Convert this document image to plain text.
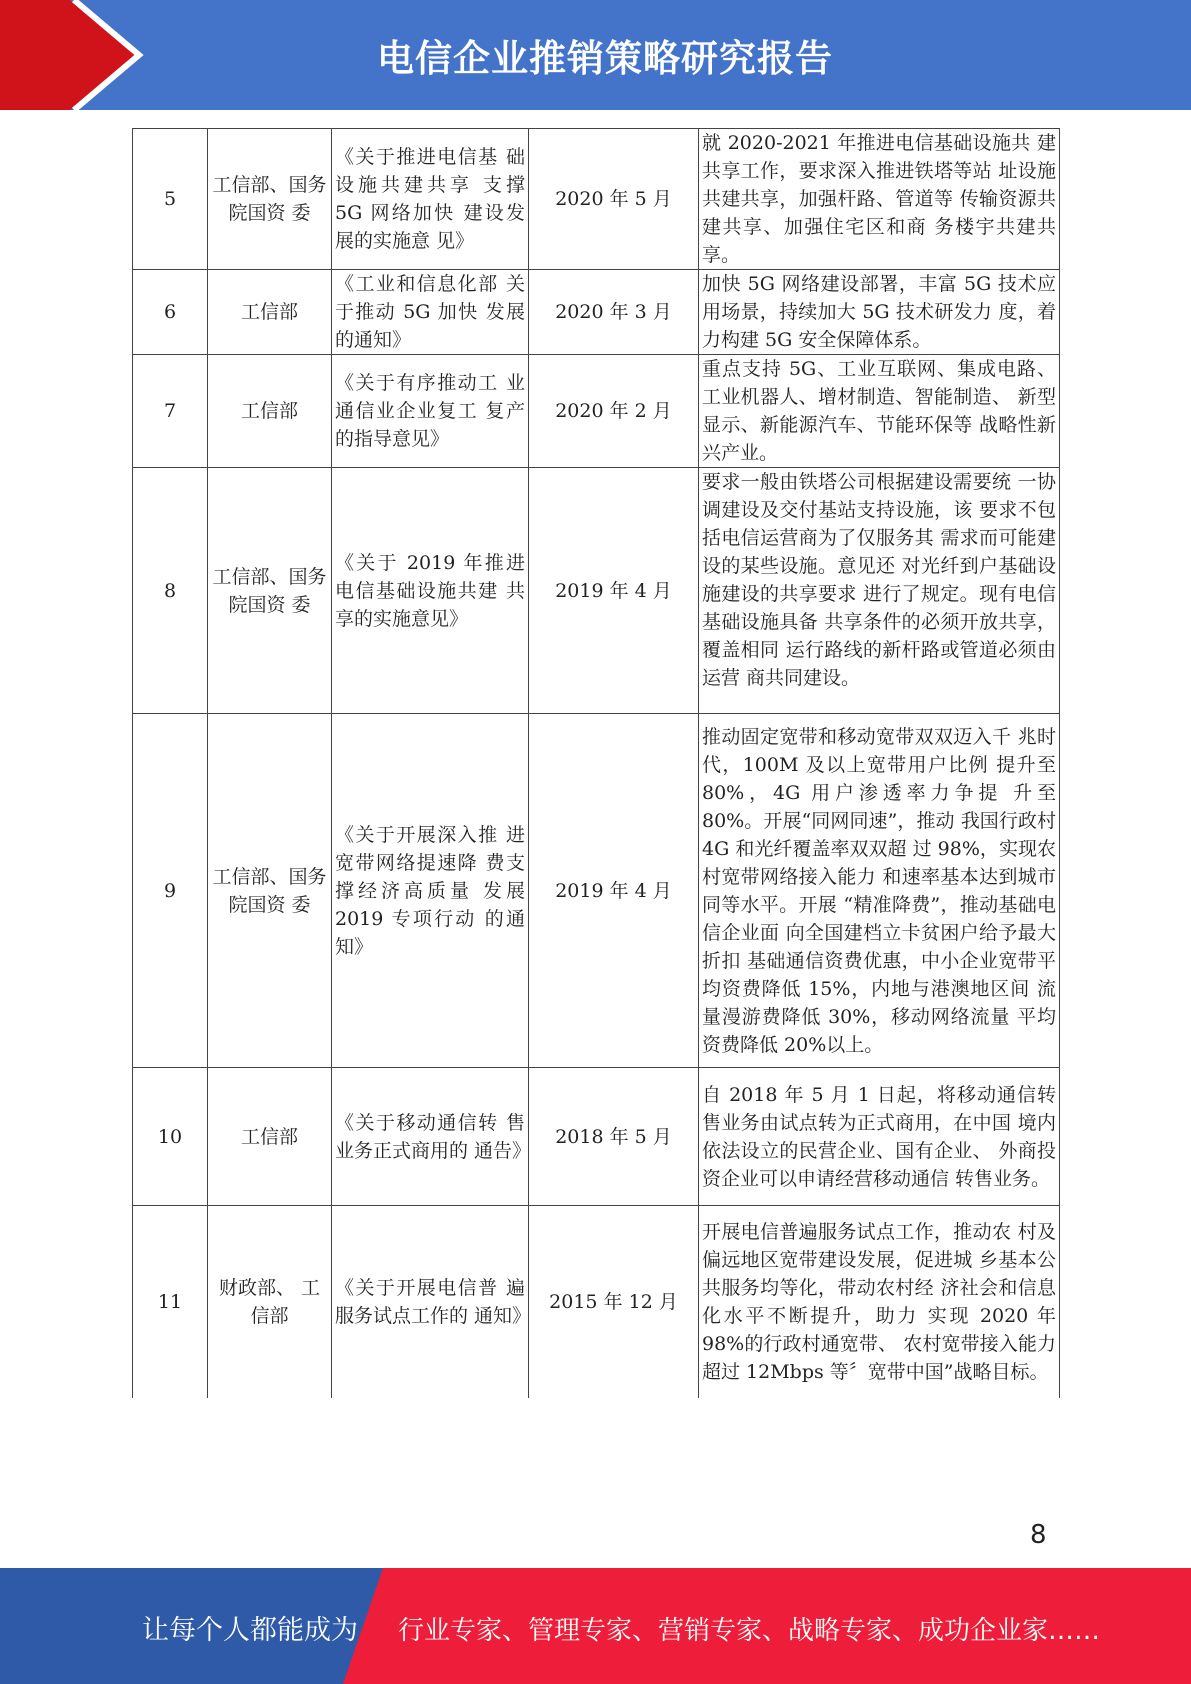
电信企业推销策略研究报告
5	工信部、国务院国资 委	《关于推进电信基 础设施共建共享 支撑 5G 网络加快 建设发展的实施意 见》	2020 年 5 月	就 2020-2021 年推进电信基础设施共 建共享工作，要求深入推进铁塔等站 址设施共建共享，加强杆路、管道等 传输资源共建共享、加强住宅区和商 务楼宇共建共享。
6	工信部	《工业和信息化部 关于推动 5G 加快 发展的通知》	2020 年 3 月	加快 5G 网络建设部署，丰富 5G 技术应用场景，持续加大 5G 技术研发力 度，着力构建 5G 安全保障体系。
7	工信部	《关于有序推动工 业通信业企业复工 复产的指导意见》	2020 年 2 月	重点支持 5G、工业互联网、集成电路、工业机器人、增材制造、智能制造、 新型显示、新能源汽车、节能环保等 战略性新兴产业。
8	工信部、国务院国资 委	《关于 2019 年推进电信基础设施共建 共享的实施意见》	2019 年 4 月	要求一般由铁塔公司根据建设需要统 一协调建设及交付基站支持设施，该 要求不包括电信运营商为了仅服务其 需求而可能建设的某些设施。意见还 对光纤到户基础设施建设的共享要求 进行了规定。现有电信基础设施具备 共享条件的必须开放共享，覆盖相同 运行路线的新杆路或管道必须由运营 商共同建设。
9	工信部、国务院国资 委	《关于开展深入推 进宽带网络提速降 费支撑经济高质量 发展 2019 专项行动 的通知》	2019 年 4 月	推动固定宽带和移动宽带双双迈入千 兆时代，100M 及以上宽带用户比例 提升至 80%，4G 用户渗透率力争提 升至 80%。开展“同网同速”，推动 我国行政村 4G 和光纤覆盖率双双超 过 98%，实现农村宽带网络接入能力 和速率基本达到城市同等水平。开展 “精准降费”，推动基础电信企业面 向全国建档立卡贫困户给予最大折扣 基础通信资费优惠，中小企业宽带平 均资费降低 15%，内地与港澳地区间 流量漫游费降低 30%，移动网络流量 平均资费降低 20%以上。
10	工信部	《关于移动通信转 售业务正式商用的 通告》	2018 年 5 月	自 2018 年 5 月 1 日起，将移动通信转 售业务由试点转为正式商用，在中国 境内依法设立的民营企业、国有企业、 外商投资企业可以申请经营移动通信 转售业务。
11	财政部、 工信部	《关于开展电信普 遍服务试点工作的 通知》	2015 年 12 月	开展电信普遍服务试点工作，推动农 村及偏远地区宽带建设发展，促进城 乡基本公共服务均等化，带动农村经 济社会和信息化水平不断提升，助力 实现 2020 年 98%的行政村通宽带、 农村宽带接入能力超过 12Mbps 等〞宽带中国”战略目标。
8
让每个人都能成为 行业专家、管理专家、营销专家、战略专家、成功企业家……
